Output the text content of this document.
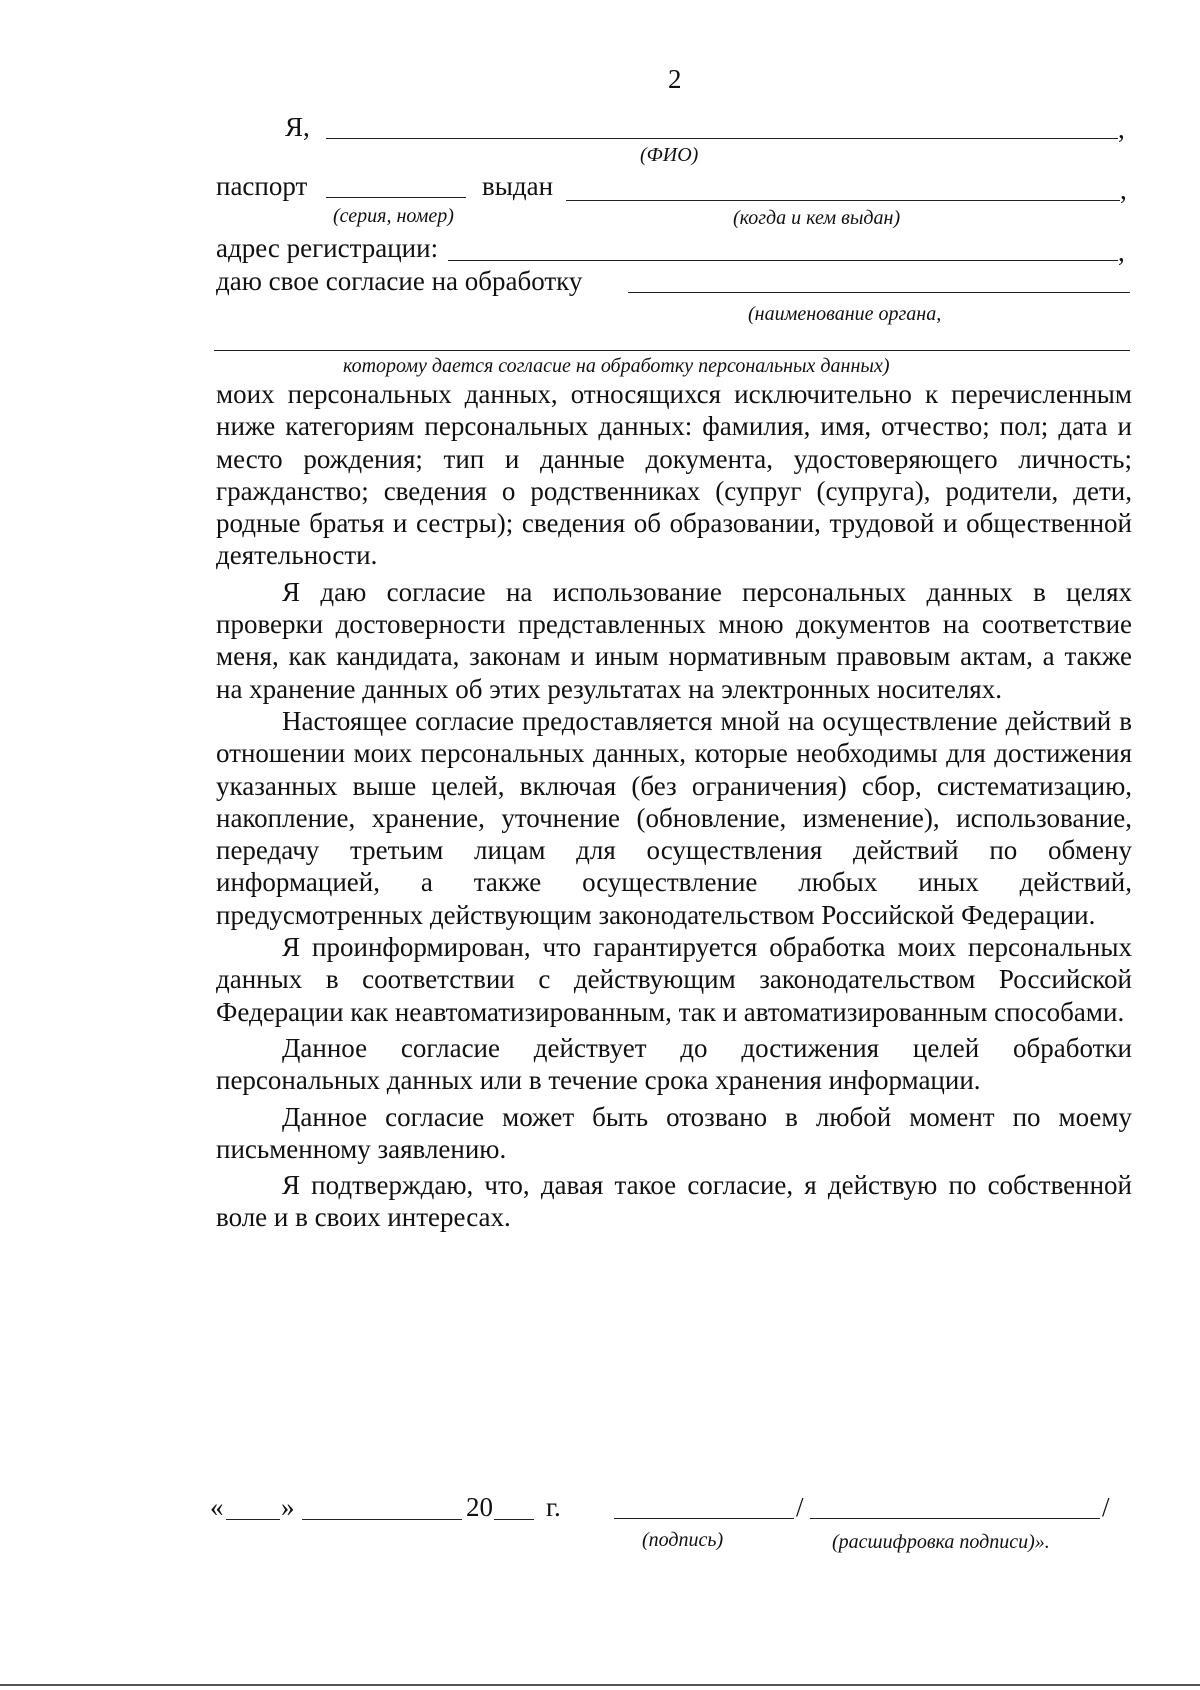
2
Я,	,
(ФИО)
паспорт	выдан	,
(серия, номер)	(когда и кем выдан)
адрес регистрации:	,
даю свое согласие на обработку
(наименование органа,
которому дается согласие на обработку персональных данных)

моих персональных данных, относящихся исключительно к перечисленным ниже категориям персональных данных: фамилия, имя, отчество; пол; дата и место рождения; тип и данные документа, удостоверяющего личность; гражданство; сведения о родственниках (супруг (супруга), родители, дети, родные братья и сестры); сведения об образовании, трудовой и общественной деятельности.

Я даю согласие на использование персональных данных в целях проверки достоверности представленных мною документов на соответствие меня, как кандидата, законам и иным нормативным правовым актам, а также на хранение данных об этих результатах на электронных носителях.

Настоящее согласие предоставляется мной на осуществление действий в отношении моих персональных данных, которые необходимы для достижения указанных выше целей, включая (без ограничения) сбор, систематизацию, накопление, хранение, уточнение (обновление, изменение), использование, передачу третьим лицам для осуществления действий по обмену информацией, а также осуществление любых иных действий, предусмотренных действующим законодательством Российской Федерации.

Я проинформирован, что гарантируется обработка моих персональных данных в соответствии с действующим законодательством Российской Федерации как неавтоматизированным, так и автоматизированным способами.

Данное согласие действует до достижения целей обработки персональных данных или в течение срока хранения информации.

Данное согласие может быть отозвано в любой момент по моему письменному заявлению.

Я подтверждаю, что, давая такое согласие, я действую по собственной воле и в своих интересах.

« »	20 г.	/	/
(подпись)	(расшифровка подписи)».
